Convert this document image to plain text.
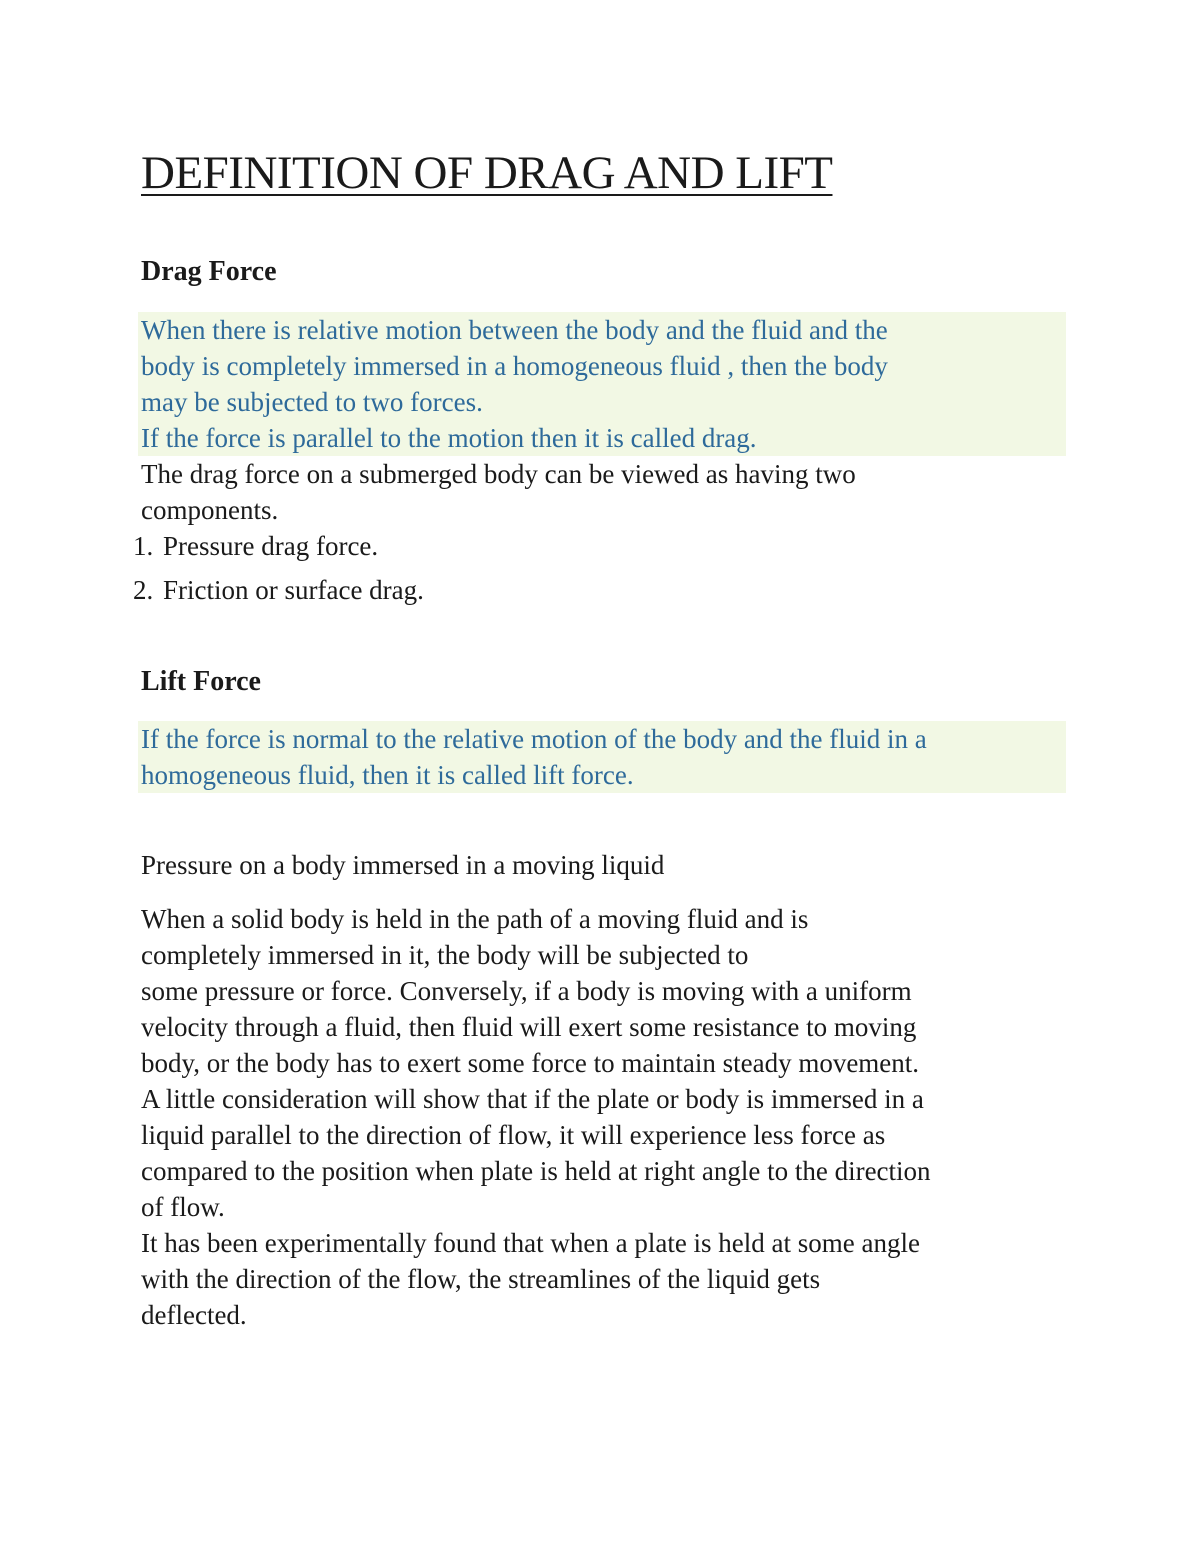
DEFINITION OF DRAG AND LIFT
Drag Force
When there is relative motion between the body and the fluid and the
body is completely immersed in a homogeneous fluid , then the body
may be subjected to two forces.
If the force is parallel to the motion then it is called drag.
The drag force on a submerged body can be viewed as having two
components.
1. Pressure drag force.
2. Friction or surface drag.
Lift Force
If the force is normal to the relative motion of the body and the fluid in a
homogeneous fluid, then it is called lift force.

Pressure on a body immersed in a moving liquid

When a solid body is held in the path of a moving fluid and is
completely immersed in it, the body will be subjected to
some pressure or force. Conversely, if a body is moving with a uniform
velocity through a fluid, then fluid will exert some resistance to moving
body, or the body has to exert some force to maintain steady movement.
A little consideration will show that if the plate or body is immersed in a
liquid parallel to the direction of flow, it will experience less force as
compared to the position when plate is held at right angle to the direction
of flow.
It has been experimentally found that when a plate is held at some angle
with the direction of the flow, the streamlines of the liquid gets
deflected.
